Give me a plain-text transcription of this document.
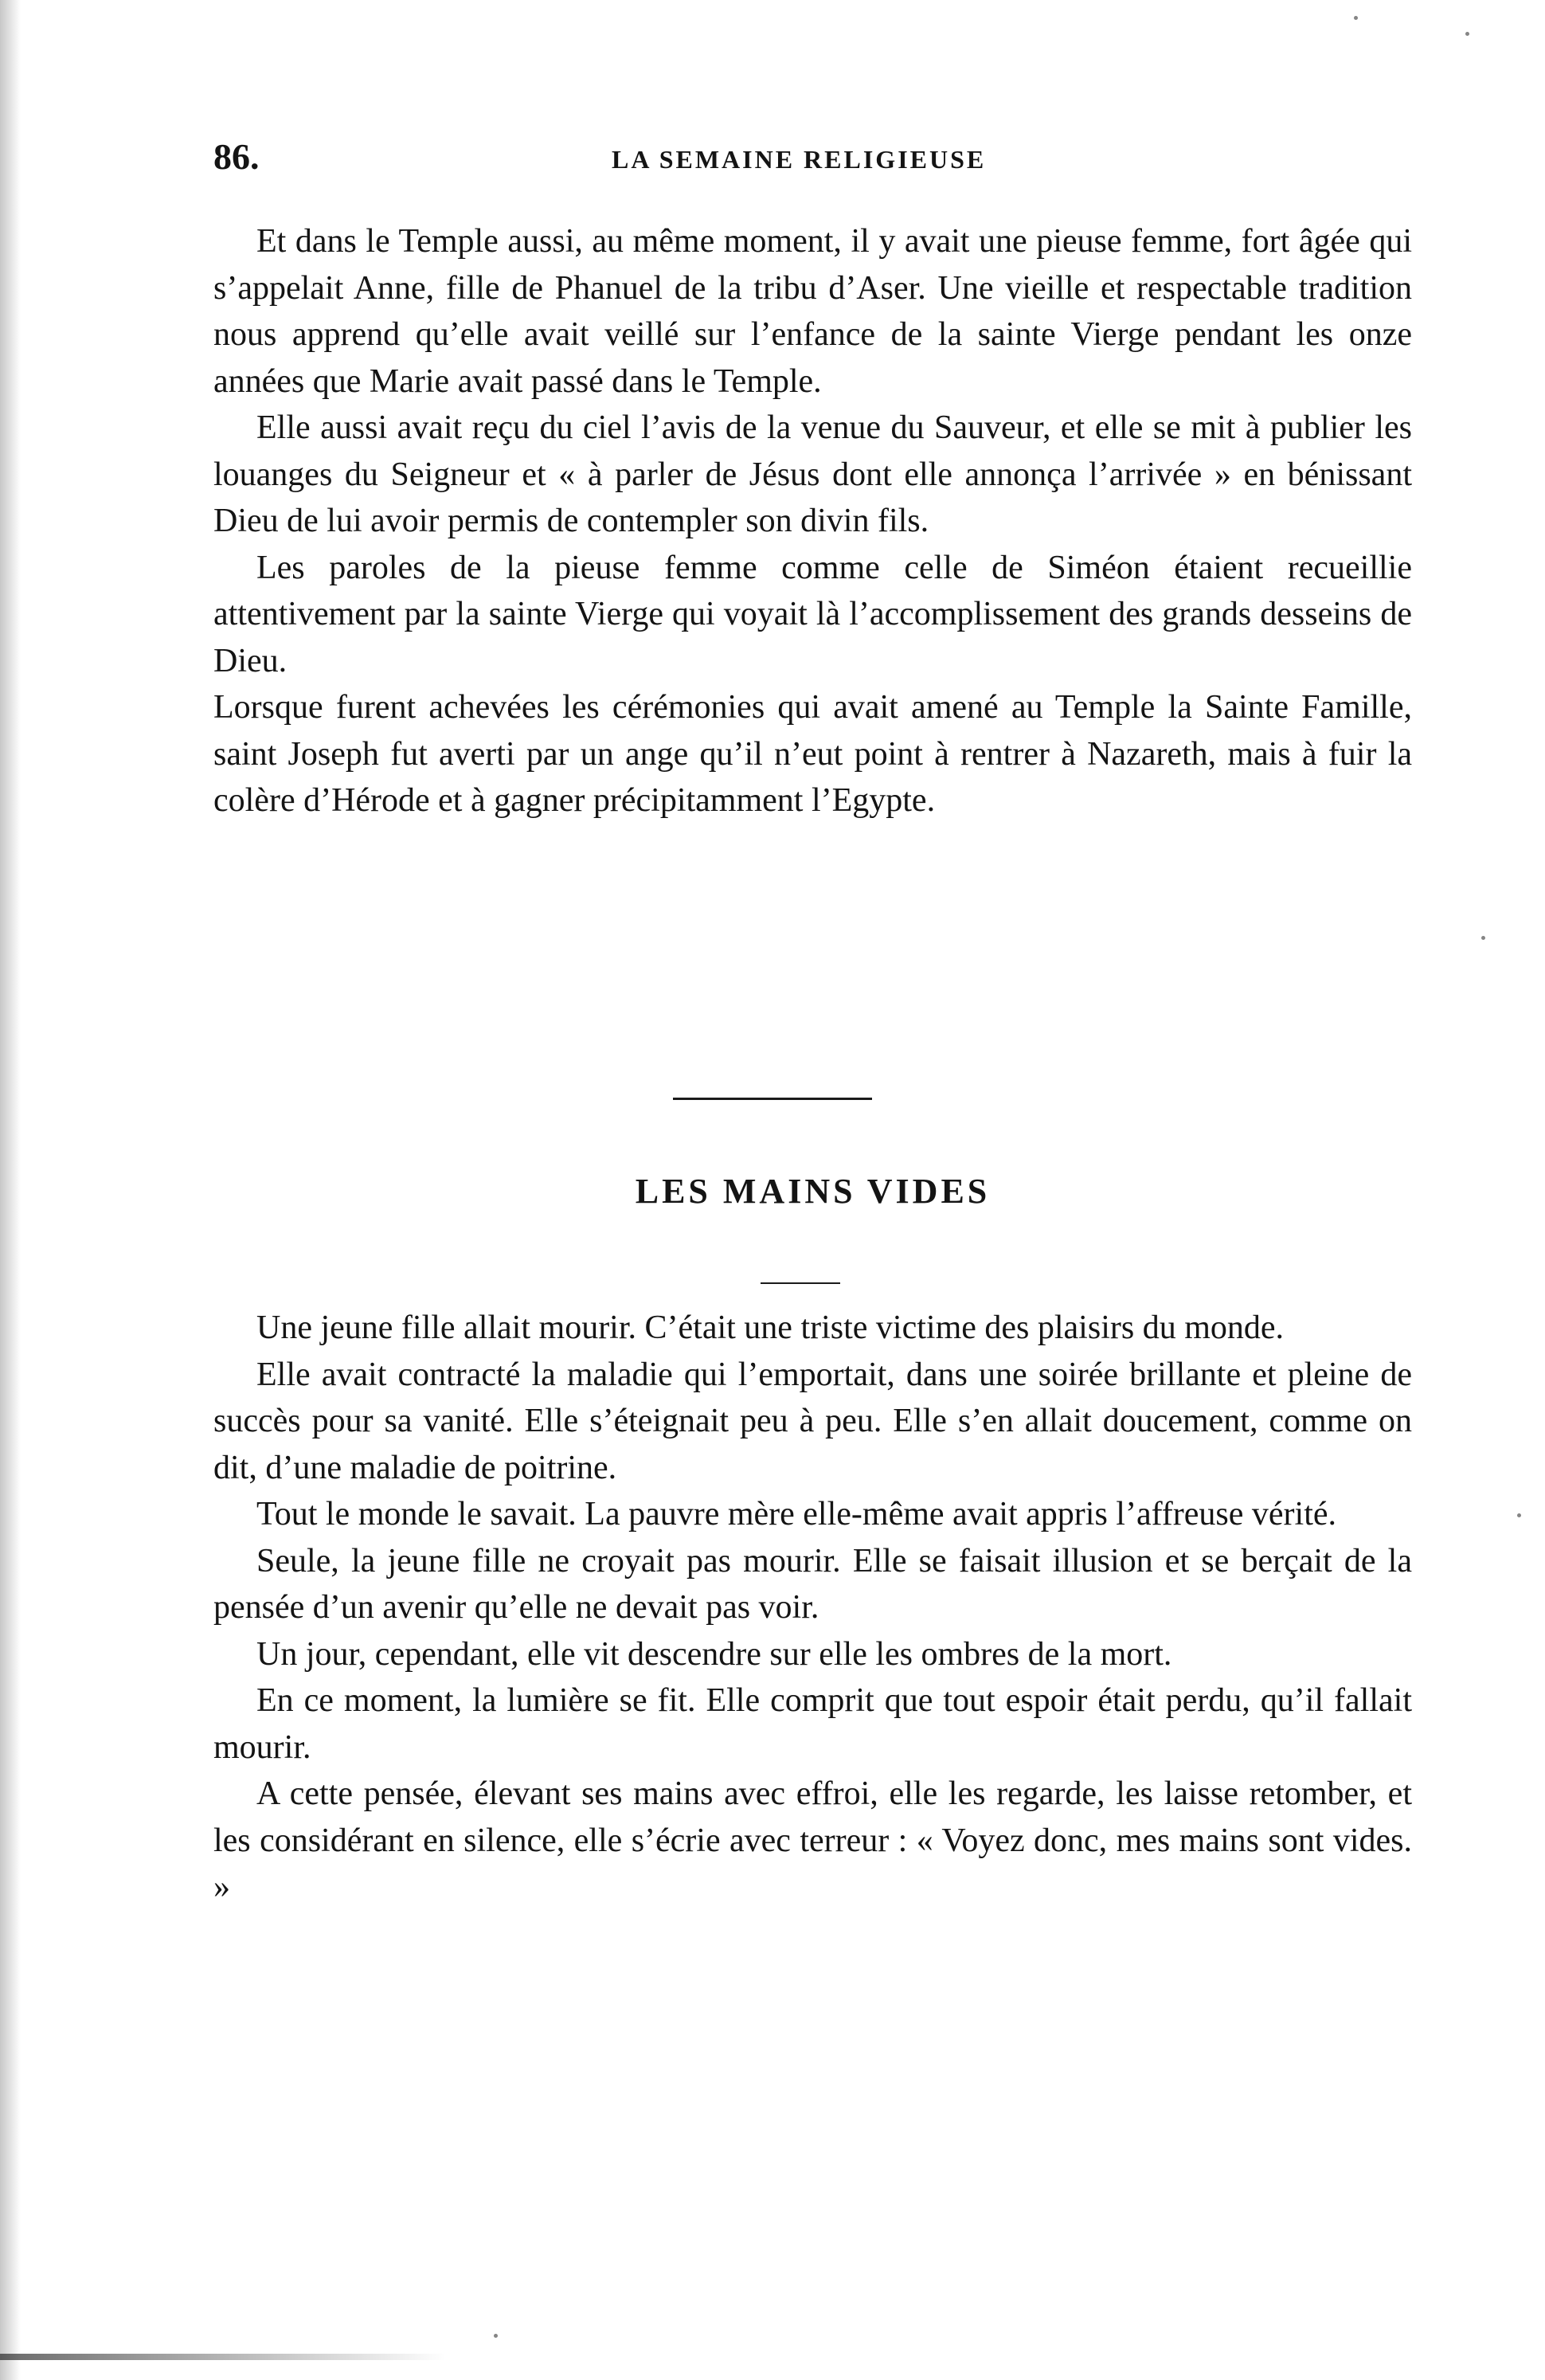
86.	LA SEMAINE RELIGIEUSE

Et dans le Temple aussi, au même moment, il y avait une pieuse femme, fort âgée qui s’appelait Anne, fille de Phanuel de la tribu d’Aser. Une vieille et respectable tradition nous apprend qu’elle avait veillé sur l’enfance de la sainte Vierge pendant les onze années que Marie avait passé dans le Temple.

Elle aussi avait reçu du ciel l’avis de la venue du Sauveur, et elle se mit à publier les louanges du Seigneur et « à parler de Jésus dont elle annonça l’arrivée » en bénissant Dieu de lui avoir permis de contempler son divin fils.

Les paroles de la pieuse femme comme celle de Siméon étaient recueillie attentivement par la sainte Vierge qui voyait là l’accomplissement des grands desseins de Dieu.

Lorsque furent achevées les cérémonies qui avait amené au Temple la Sainte Famille, saint Joseph fut averti par un ange qu’il n’eut point à rentrer à Nazareth, mais à fuir la colère d’Hérode et à gagner précipitamment l’Egypte.

LES MAINS VIDES

Une jeune fille allait mourir. C’était une triste victime des plaisirs du monde.

Elle avait contracté la maladie qui l’emportait, dans une soirée brillante et pleine de succès pour sa vanité. Elle s’éteignait peu à peu. Elle s’en allait doucement, comme on dit, d’une maladie de poitrine.

Tout le monde le savait. La pauvre mère elle-même avait appris l’affreuse vérité.

Seule, la jeune fille ne croyait pas mourir. Elle se faisait illusion et se berçait de la pensée d’un avenir qu’elle ne devait pas voir.

Un jour, cependant, elle vit descendre sur elle les ombres de la mort.

En ce moment, la lumière se fit. Elle comprit que tout espoir était perdu, qu’il fallait mourir.

A cette pensée, élevant ses mains avec effroi, elle les regarde, les laisse retomber, et les considérant en silence, elle s’écrie avec terreur : « Voyez donc, mes mains sont vides. »
